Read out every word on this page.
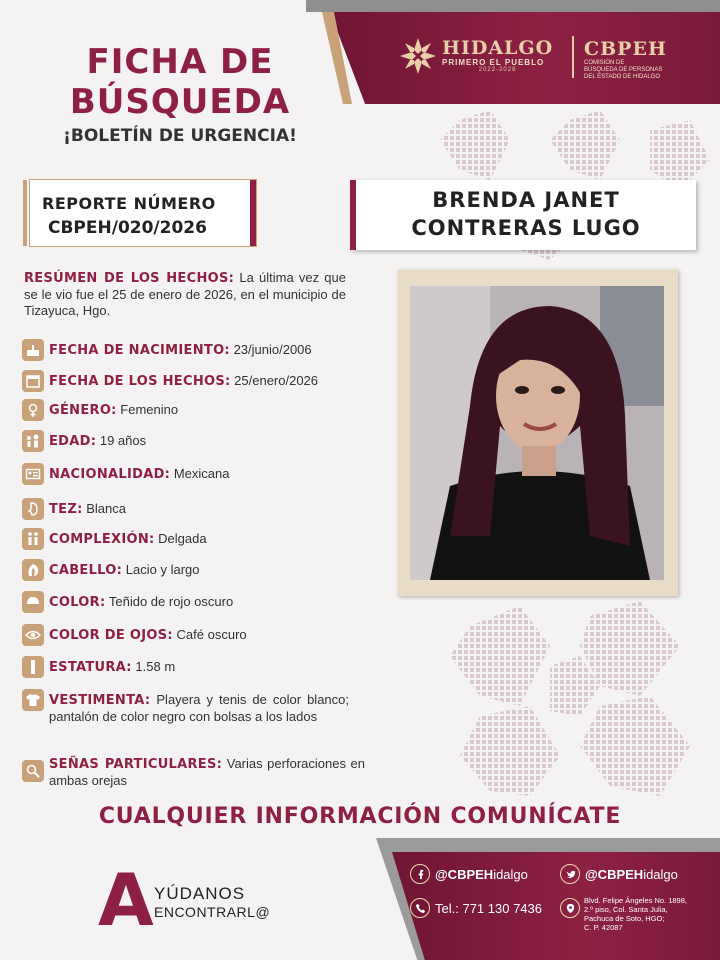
FICHA DE
BÚSQUEDA
¡BOLETÍN DE URGENCIA!
HIDALGO
PRIMERO EL PUEBLO
2022-2028
CBPEH
COMISIÓN DE
BÚSQUEDA DE PERSONAS
DEL ESTADO DE HIDALGO
REPORTE NÚMERO
CBPEH/020/2026
BRENDA JANET
CONTRERAS LUGO
RESÚMEN DE LOS HECHOS: La última vez que se le vio fue el 25 de enero de 2026, en el municipio de Tizayuca, Hgo.
FECHA DE NACIMIENTO: 23/junio/2006
FECHA DE LOS HECHOS: 25/enero/2026
GÉNERO: Femenino
EDAD: 19 años
NACIONALIDAD: Mexicana
TEZ: Blanca
COMPLEXIÓN: Delgada
CABELLO: Lacio y largo
COLOR: Teñido de rojo oscuro
COLOR DE OJOS: Café oscuro
ESTATURA: 1.58 m
VESTIMENTA: Playera y tenis de color blanco; pantalón de color negro con bolsas a los lados
SEÑAS PARTICULARES: Varias perforaciones en ambas orejas
CUALQUIER INFORMACIÓN COMUNÍCATE
A YÚDANOS
ENCONTRARL@
@CBPEH idalgo	@CBPEH idalgo
Tel.:
771 130 7436	Blvd. Felipe Ángeles No. 1898,
2.º piso, Col. Santa Julia,
Pachuca de Soto, HGO;
C. P. 42087
